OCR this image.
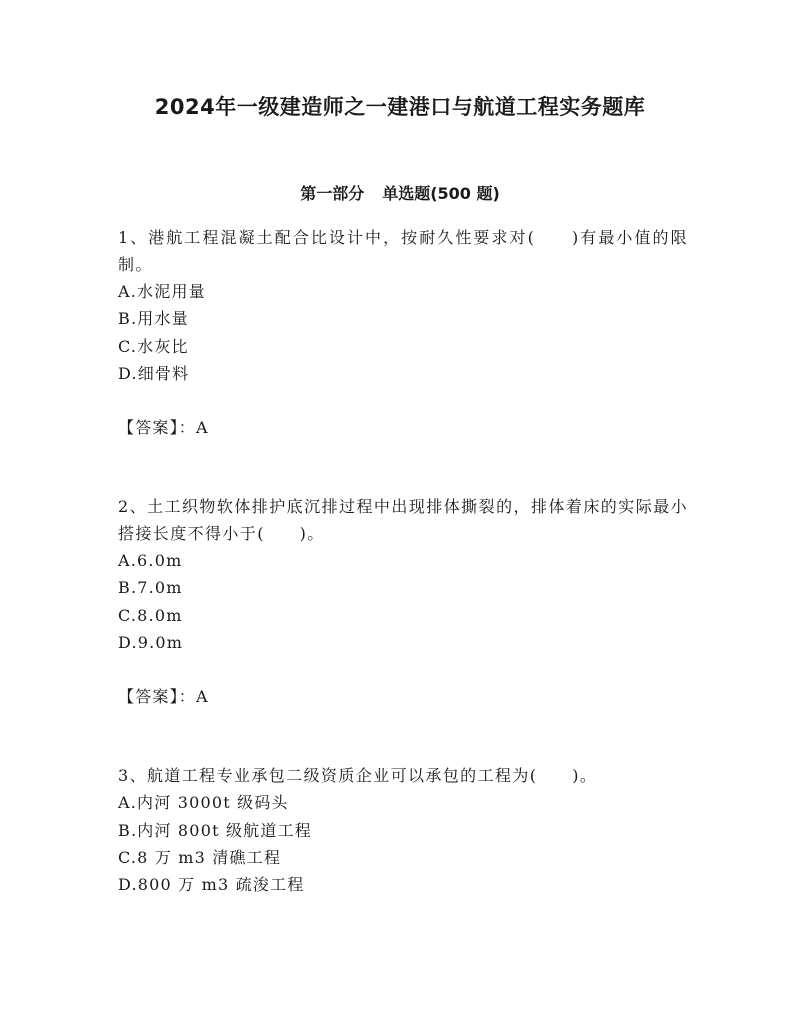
2024年一级建造师之一建港口与航道工程实务题库
第一部分 单选题(500 题)

1、港航工程混凝土配合比设计中，按耐久性要求对(　　)有最小值的限制。

A.水泥用量

B.用水量

C.水灰比

D.细骨料

【答案】：A

2、土工织物软体排护底沉排过程中出现排体撕裂的，排体着床的实际最小搭接长度不得小于(　　)。

A.6.0m

B.7.0m

C.8.0m

D.9.0m

【答案】：A

3、航道工程专业承包二级资质企业可以承包的工程为(　　)。

A.内河 3000t 级码头

B.内河 800t 级航道工程

C.8 万 m3 清礁工程

D.800 万 m3 疏浚工程
